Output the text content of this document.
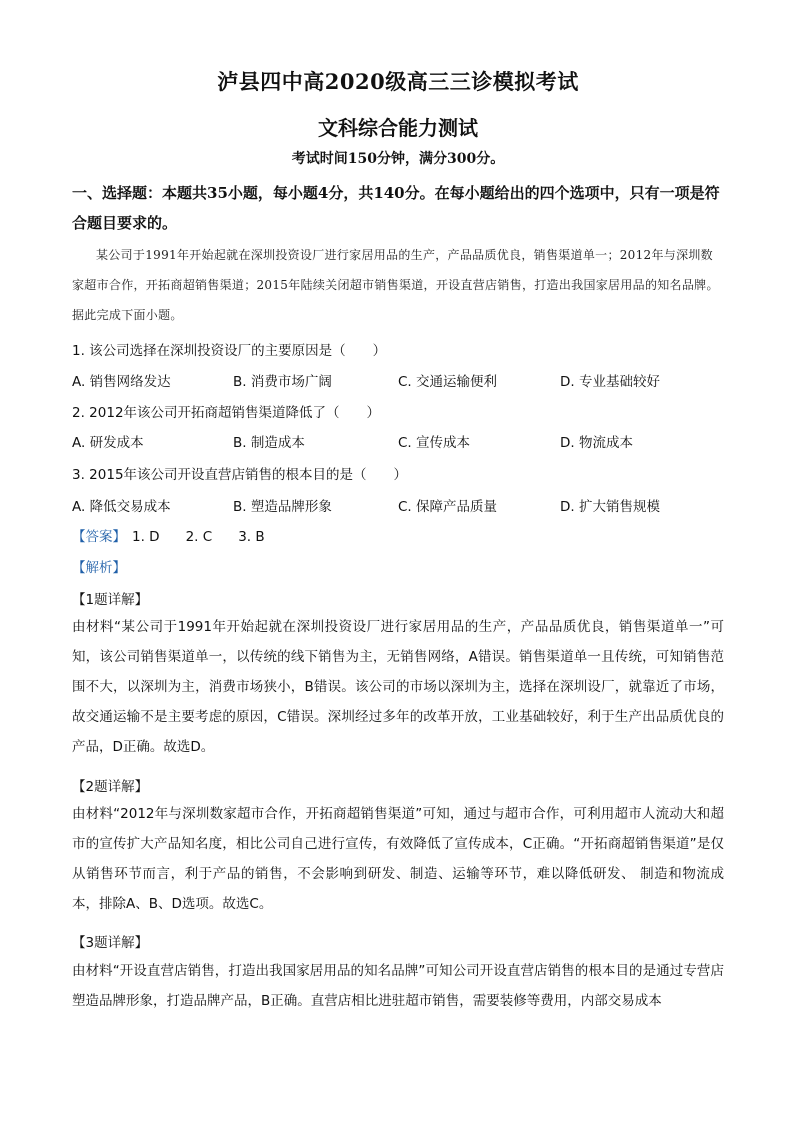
泸县四中高2020级高三三诊模拟考试
文科综合能力测试
考试时间150分钟，满分300分。
一、选择题：本题共35小题，每小题4分，共140分。在每小题给出的四个选项中，只有一项是符合题目要求的。

某公司于1991年开始起就在深圳投资设厂进行家居用品的生产，产品品质优良，销售渠道单一；2012年与深圳数家超市合作，开拓商超销售渠道；2015年陆续关闭超市销售渠道，开设直营店销售，打造出我国家居用品的知名品牌。据此完成下面小题。

1. 该公司选择在深圳投资设厂的主要原因是（　　）
A. 销售网络发达	B. 消费市场广阔	C. 交通运输便利	D. 专业基础较好
2. 2012年该公司开拓商超销售渠道降低了（　　）
A. 研发成本	B. 制造成本	C. 宣传成本	D. 物流成本
3. 2015年该公司开设直营店销售的根本目的是（　　）
A. 降低交易成本	B. 塑造品牌形象	C. 保障产品质量	D. 扩大销售规模
【答案】 1. D 2. C 3. B
【解析】
【1题详解】

由材料“某公司于1991年开始起就在深圳投资设厂进行家居用品的生产，产品品质优良，销售渠道单一”可知，该公司销售渠道单一，以传统的线下销售为主，无销售网络，A错误。销售渠道单一且传统，可知销售范围不大，以深圳为主，消费市场狭小，B错误。该公司的市场以深圳为主，选择在深圳设厂，就靠近了市场，故交通运输不是主要考虑的原因，C错误。深圳经过多年的改革开放，工业基础较好，利于生产出品质优良的产品，D正确。故选D。

【2题详解】

由材料“2012年与深圳数家超市合作，开拓商超销售渠道”可知，通过与超市合作，可利用超市人流动大和超市的宣传扩大产品知名度，相比公司自己进行宣传，有效降低了宣传成本，C正确。“开拓商超销售渠道”是仅从销售环节而言，利于产品的销售，不会影响到研发、制造、运输等环节，难以降低研发、 制造和物流成本，排除A、B、D选项。故选C。

【3题详解】

由材料“开设直营店销售，打造出我国家居用品的知名品牌”可知公司开设直营店销售的根本目的是通过专营店塑造品牌形象，打造品牌产品，B正确。直营店相比进驻超市销售，需要装修等费用，内部交易成本
